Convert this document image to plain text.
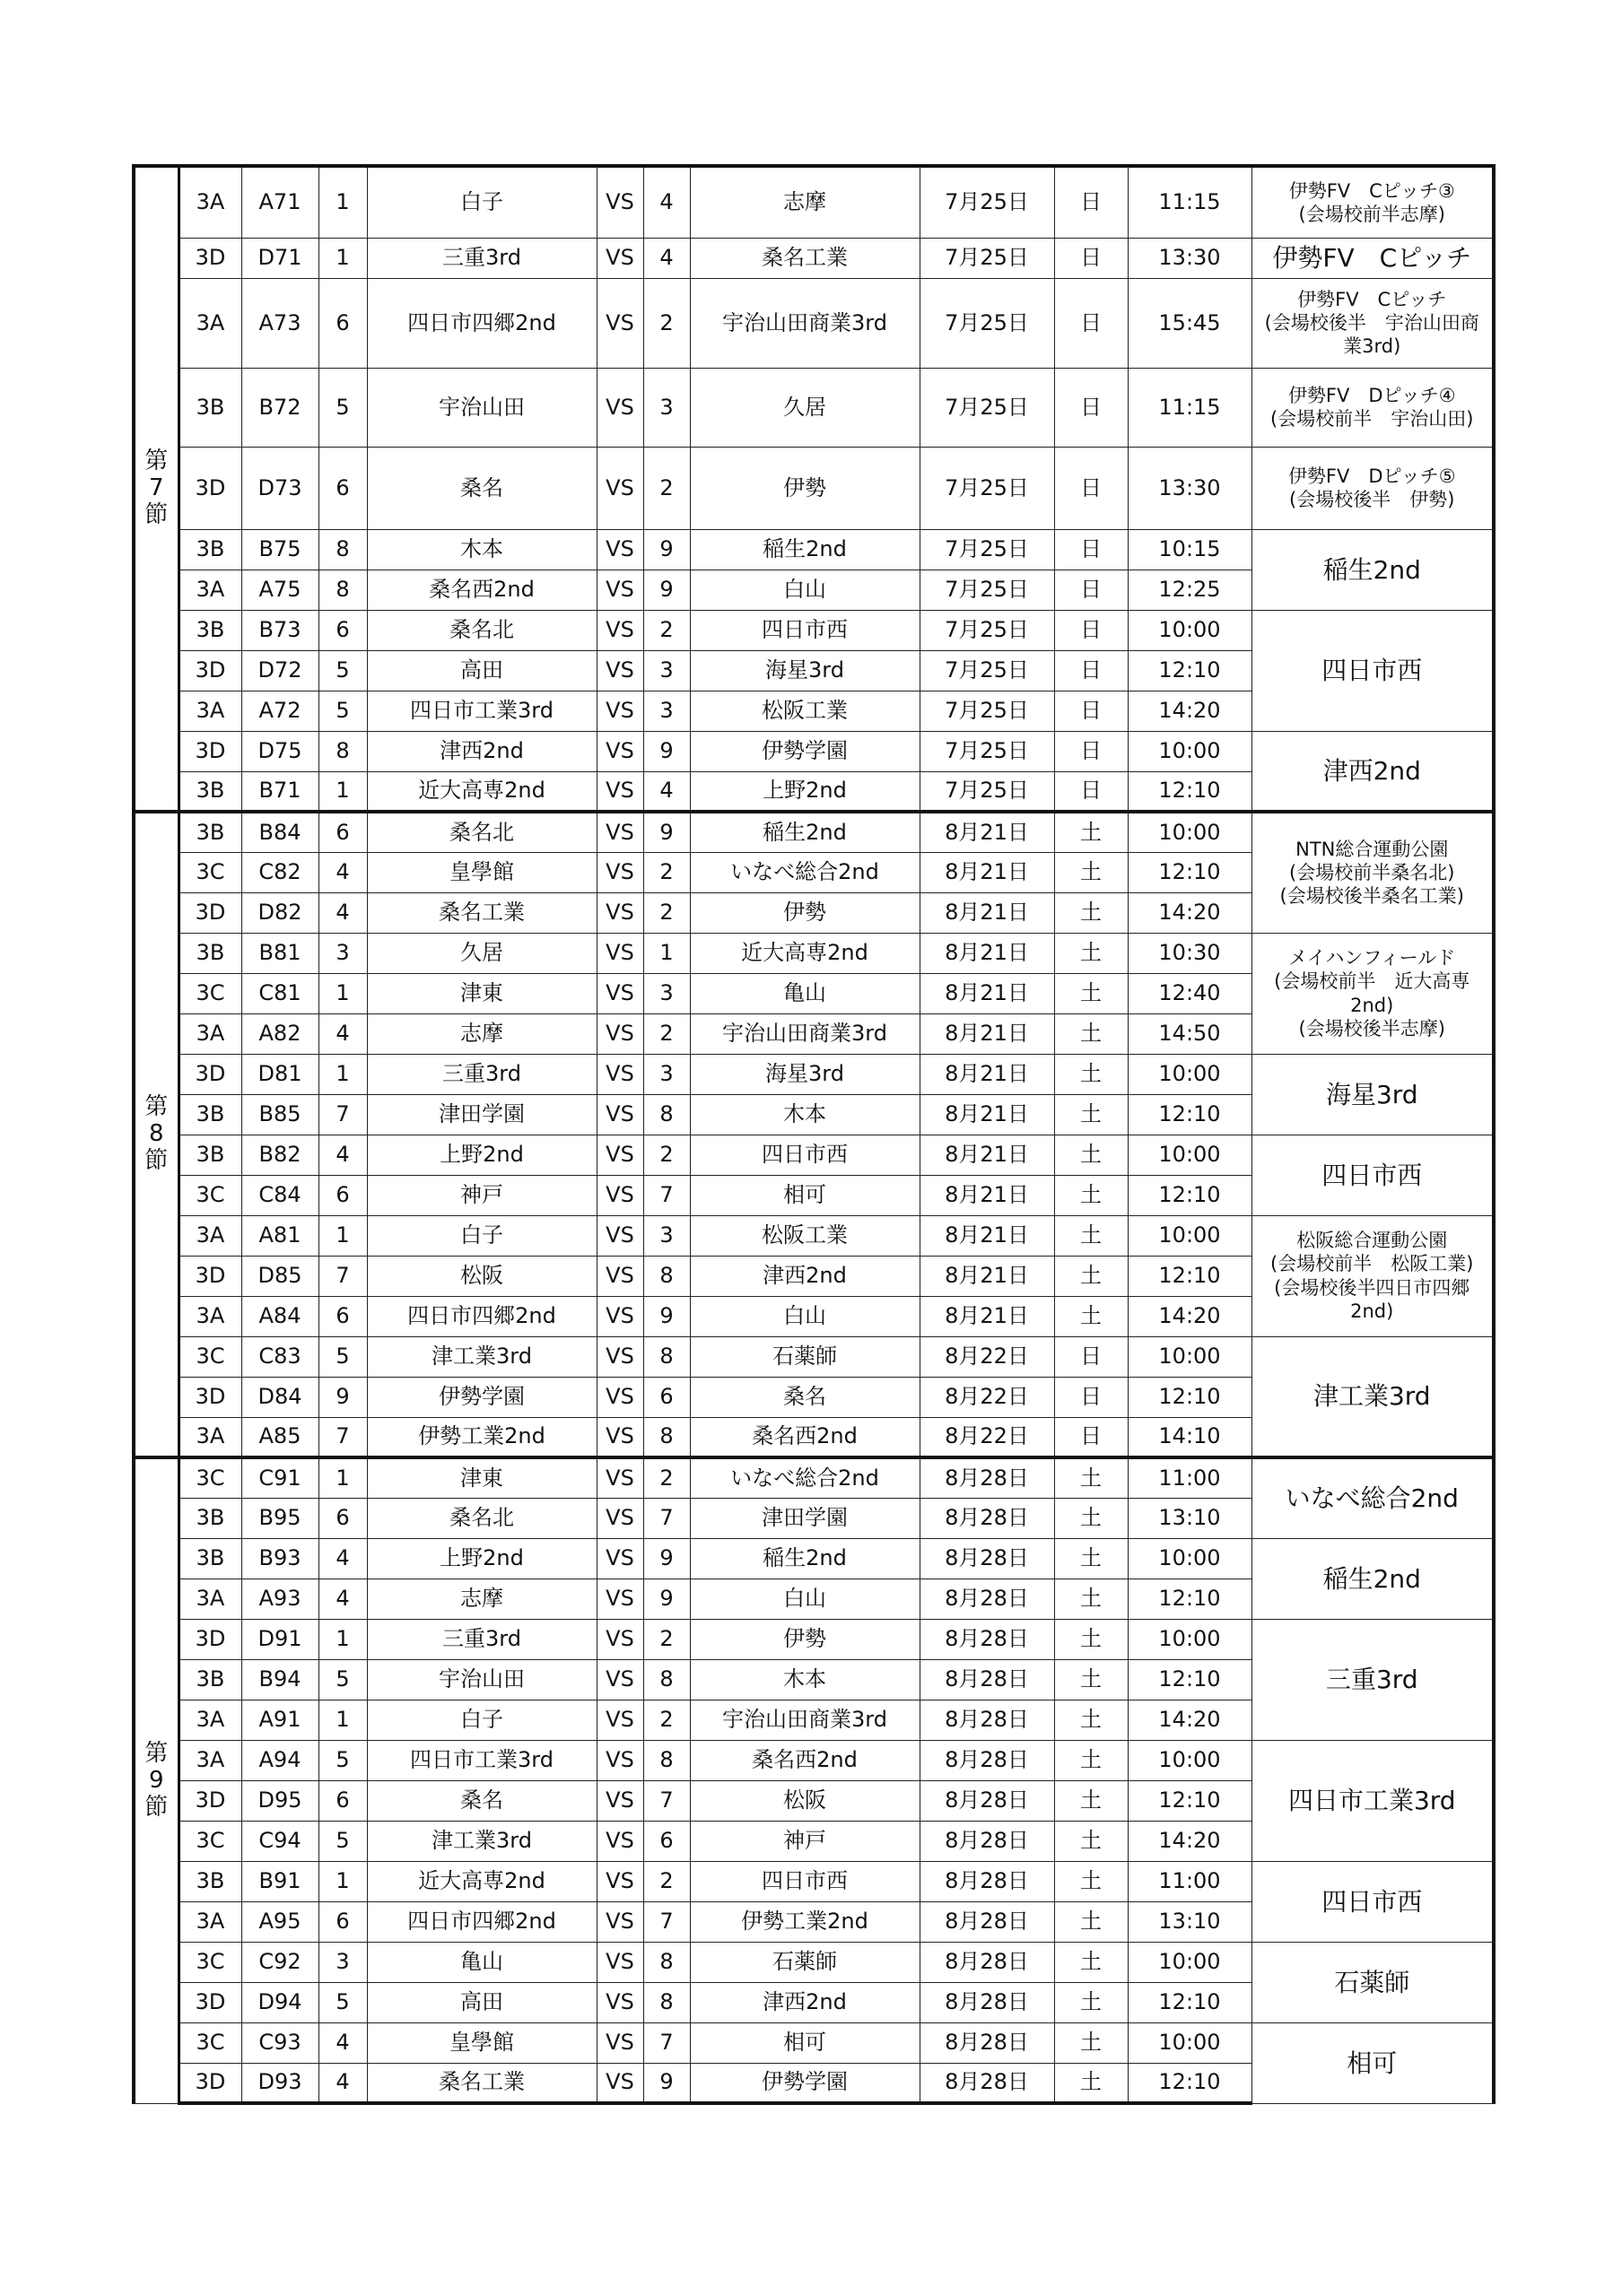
第7節	3A	A71	1	白子	VS	4	志摩	7月25日	日	11:15	伊勢FV　Cピッチ③
(会場校前半志摩)
	3D	D71	1	三重3rd	VS	4	桑名工業	7月25日	日	13:30	伊勢FV　Cピッチ
	3A	A73	6	四日市四郷2nd	VS	2	宇治山田商業3rd	7月25日	日	15:45	伊勢FV　Cピッチ
(会場校後半　宇治山田商業3rd)
	3B	B72	5	宇治山田	VS	3	久居	7月25日	日	11:15	伊勢FV　Dピッチ④
(会場校前半　宇治山田)
	3D	D73	6	桑名	VS	2	伊勢	7月25日	日	13:30	伊勢FV　Dピッチ⑤
(会場校後半　伊勢)
	3B	B75	8	木本	VS	9	稲生2nd	7月25日	日	10:15	稲生2nd
	3A	A75	8	桑名西2nd	VS	9	白山	7月25日	日	12:25	
	3B	B73	6	桑名北	VS	2	四日市西	7月25日	日	10:00	四日市西
	3D	D72	5	高田	VS	3	海星3rd	7月25日	日	12:10	
	3A	A72	5	四日市工業3rd	VS	3	松阪工業	7月25日	日	14:20	
	3D	D75	8	津西2nd	VS	9	伊勢学園	7月25日	日	10:00	津西2nd
	3B	B71	1	近大高専2nd	VS	4	上野2nd	7月25日	日	12:10	
第8節	3B	B84	6	桑名北	VS	9	稲生2nd	8月21日	土	10:00	NTN総合運動公園
(会場校前半桑名北)
(会場校後半桑名工業)
	3C	C82	4	皇學館	VS	2	いなべ総合2nd	8月21日	土	12:10	
	3D	D82	4	桑名工業	VS	2	伊勢	8月21日	土	14:20	
	3B	B81	3	久居	VS	1	近大高専2nd	8月21日	土	10:30	メイハンフィールド
(会場校前半　近大高専2nd)
(会場校後半志摩)
	3C	C81	1	津東	VS	3	亀山	8月21日	土	12:40	
	3A	A82	4	志摩	VS	2	宇治山田商業3rd	8月21日	土	14:50	
	3D	D81	1	三重3rd	VS	3	海星3rd	8月21日	土	10:00	海星3rd
	3B	B85	7	津田学園	VS	8	木本	8月21日	土	12:10	
	3B	B82	4	上野2nd	VS	2	四日市西	8月21日	土	10:00	四日市西
	3C	C84	6	神戸	VS	7	相可	8月21日	土	12:10	
	3A	A81	1	白子	VS	3	松阪工業	8月21日	土	10:00	松阪総合運動公園
(会場校前半　松阪工業)
(会場校後半四日市四郷2nd)
	3D	D85	7	松阪	VS	8	津西2nd	8月21日	土	12:10	
	3A	A84	6	四日市四郷2nd	VS	9	白山	8月21日	土	14:20	
	3C	C83	5	津工業3rd	VS	8	石薬師	8月22日	日	10:00	津工業3rd
	3D	D84	9	伊勢学園	VS	6	桑名	8月22日	日	12:10	
	3A	A85	7	伊勢工業2nd	VS	8	桑名西2nd	8月22日	日	14:10	
第9節	3C	C91	1	津東	VS	2	いなべ総合2nd	8月28日	土	11:00	いなべ総合2nd
	3B	B95	6	桑名北	VS	7	津田学園	8月28日	土	13:10	
	3B	B93	4	上野2nd	VS	9	稲生2nd	8月28日	土	10:00	稲生2nd
	3A	A93	4	志摩	VS	9	白山	8月28日	土	12:10	
	3D	D91	1	三重3rd	VS	2	伊勢	8月28日	土	10:00	三重3rd
	3B	B94	5	宇治山田	VS	8	木本	8月28日	土	12:10	
	3A	A91	1	白子	VS	2	宇治山田商業3rd	8月28日	土	14:20	
	3A	A94	5	四日市工業3rd	VS	8	桑名西2nd	8月28日	土	10:00	四日市工業3rd
	3D	D95	6	桑名	VS	7	松阪	8月28日	土	12:10	
	3C	C94	5	津工業3rd	VS	6	神戸	8月28日	土	14:20	
	3B	B91	1	近大高専2nd	VS	2	四日市西	8月28日	土	11:00	四日市西
	3A	A95	6	四日市四郷2nd	VS	7	伊勢工業2nd	8月28日	土	13:10	
	3C	C92	3	亀山	VS	8	石薬師	8月28日	土	10:00	石薬師
	3D	D94	5	高田	VS	8	津西2nd	8月28日	土	12:10	
	3C	C93	4	皇學館	VS	7	相可	8月28日	土	10:00	相可
	3D	D93	4	桑名工業	VS	9	伊勢学園	8月28日	土	12:10	
